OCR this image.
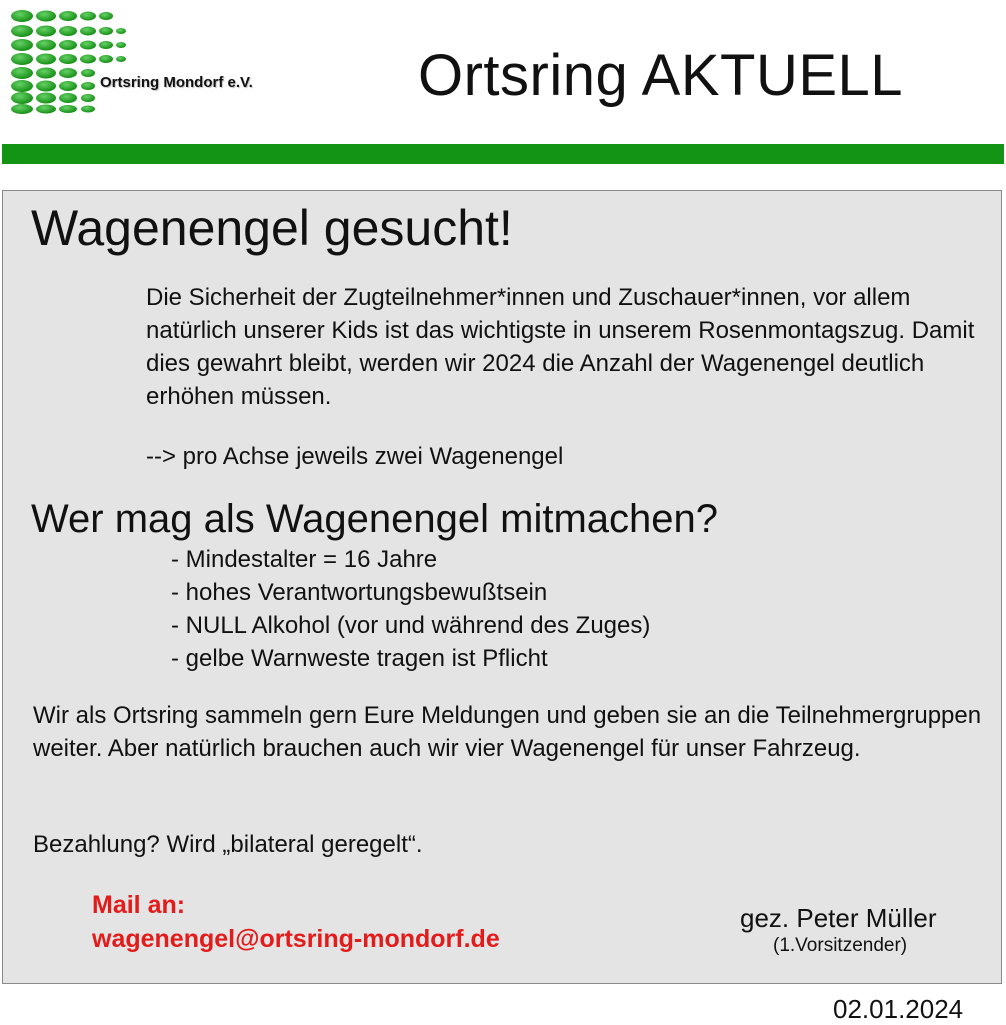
Ortsring Mondorf e.V.	Ortsring AKTUELL
Wagenengel gesucht!

Die Sicherheit der Zugteilnehmer*innen und Zuschauer*innen, vor allem natürlich unserer Kids ist das wichtigste in unserem Rosenmontagszug. Damit dies gewahrt bleibt, werden wir 2024 die Anzahl der Wagenengel deutlich erhöhen müssen.

--> pro Achse jeweils zwei Wagenengel
Wer mag als Wagenengel mitmachen?
- Mindestalter = 16 Jahre
- hohes Verantwortungsbewußtsein
- NULL Alkohol (vor und während des Zuges)
- gelbe Warnweste tragen ist Pflicht

Wir als Ortsring sammeln gern Eure Meldungen und geben sie an die Teilnehmergruppen weiter. Aber natürlich brauchen auch wir vier Wagenengel für unser Fahrzeug.

Bezahlung? Wird „bilateral geregelt“.
Mail an:
wagenengel@ortsring-mondorf.de
gez. Peter Müller
(1.Vorsitzender)
02.01.2024
